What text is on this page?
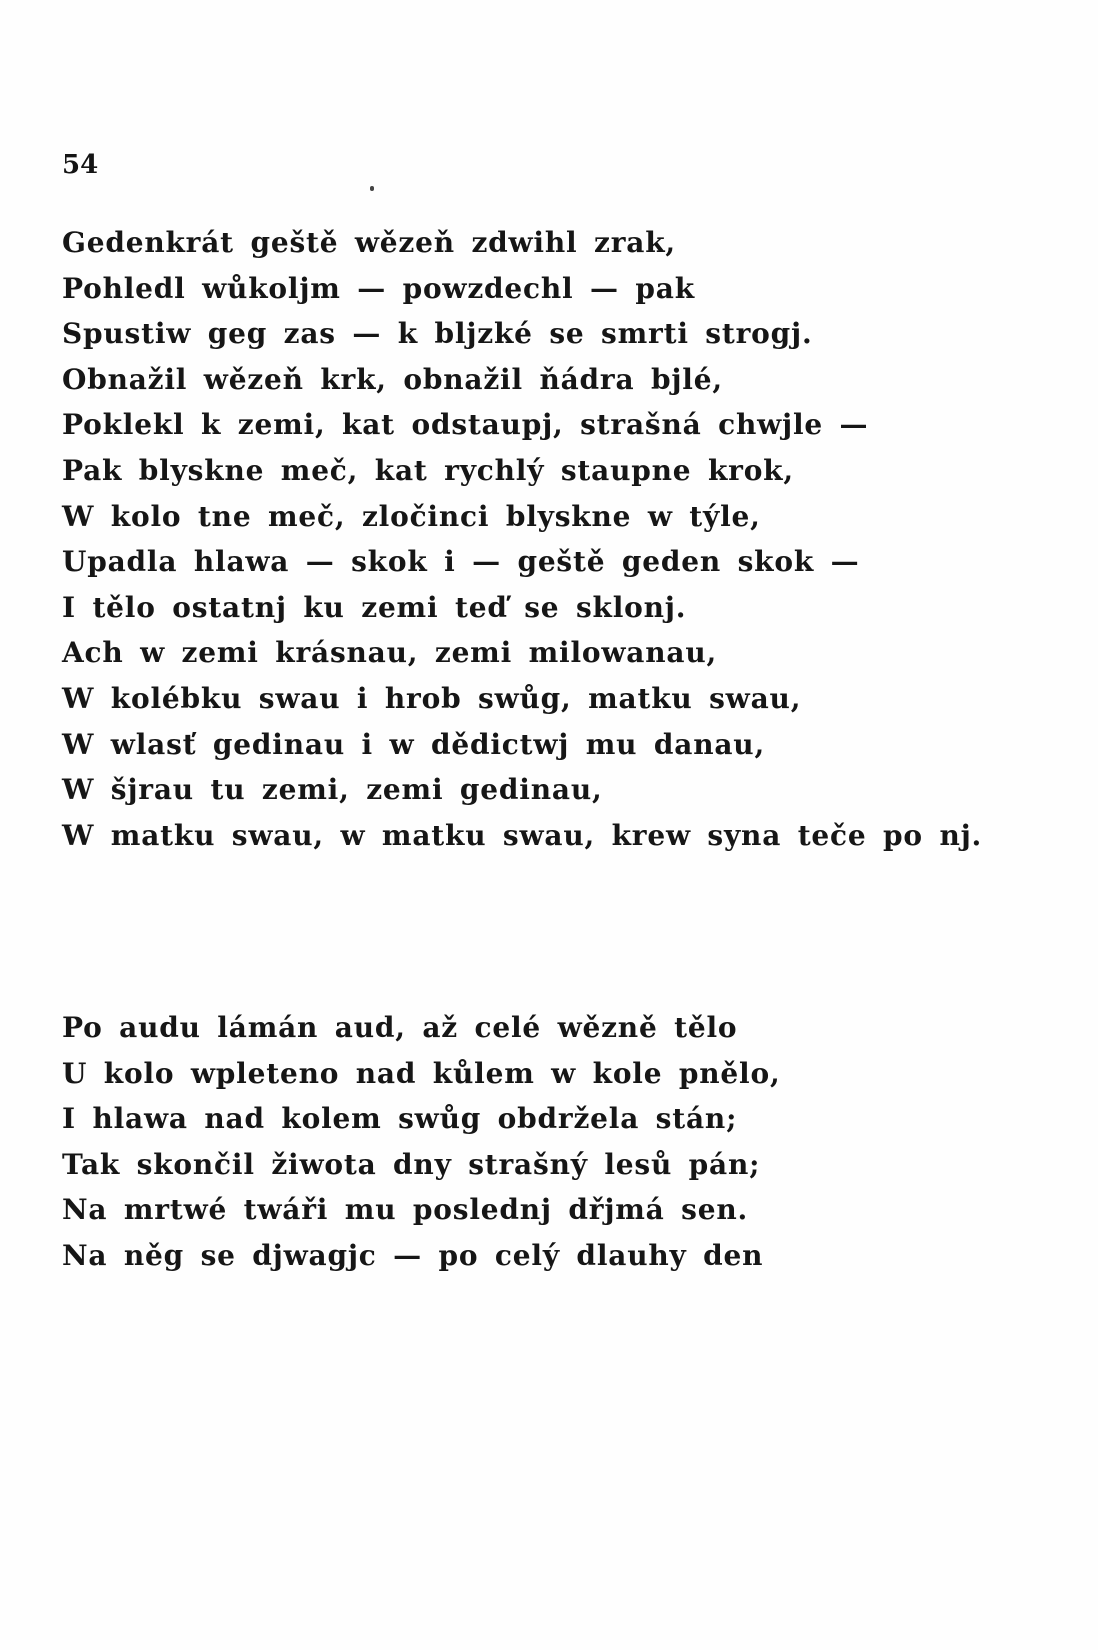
54
Gedenkrát geště wězeň zdwihl zrak,
Pohledl wůkoljm — powzdechl — pak
Spustiw geg zas — k bljzké se smrti strogj.
Obnažil wězeň krk, obnažil ňádra bjlé,
Poklekl k zemi, kat odstaupj, strašná chwjle —
Pak blyskne meč, kat rychlý staupne krok,
W kolo tne meč, zločinci blyskne w týle,
Upadla hlawa — skok i — geště geden skok —
I tělo ostatnj ku zemi teď se sklonj.
Ach w zemi krásnau, zemi milowanau,
W kolébku swau i hrob swůg, matku swau,
W wlasť gedinau i w dědictwj mu danau,
W šjrau tu zemi, zemi gedinau,
W matku swau, w matku swau, krew syna teče po nj.
Po audu lámán aud, až celé wězně tělo
U kolo wpleteno nad kůlem w kole pnělo,
I hlawa nad kolem swůg obdržela stán;
Tak skončil žiwota dny strašný lesů pán;
Na mrtwé twáři mu poslednj dřjmá sen.
Na něg se djwagjc — po celý dlauhy den
